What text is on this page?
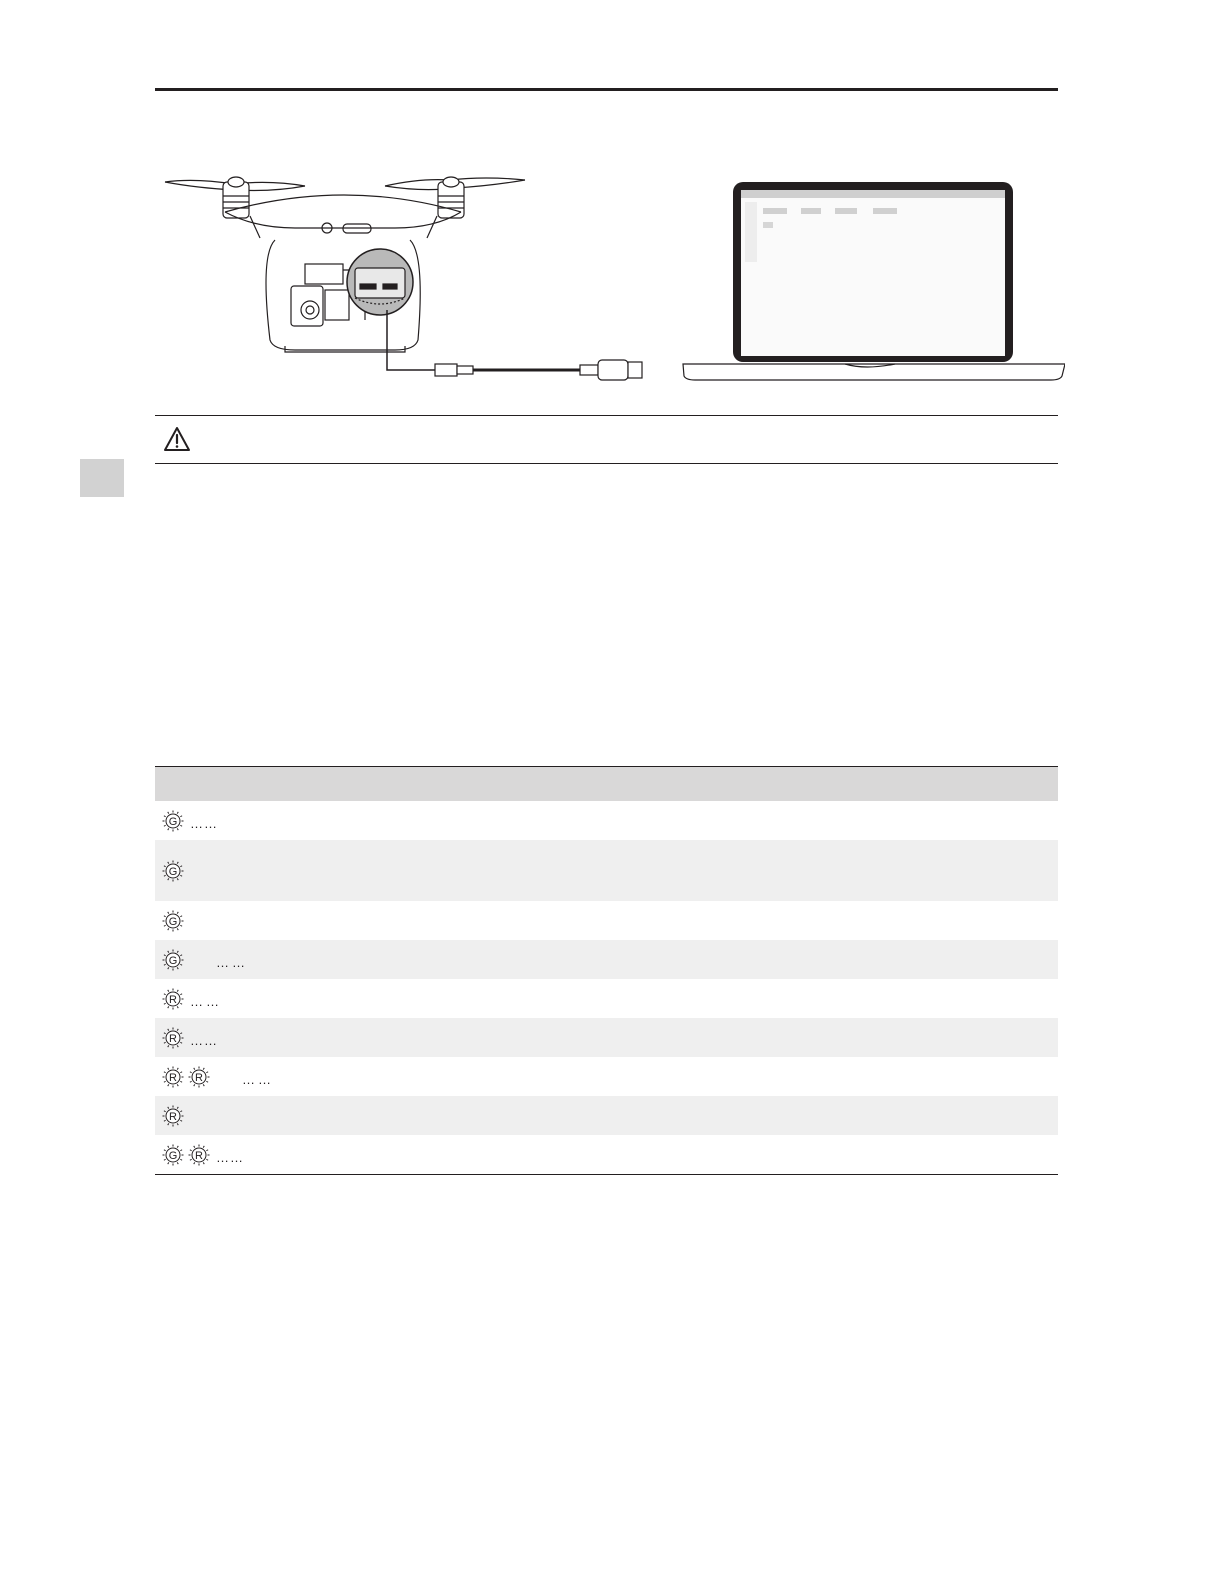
G ……
G
G
G	……
R ……
R ……
R R	……
R
G R ……
